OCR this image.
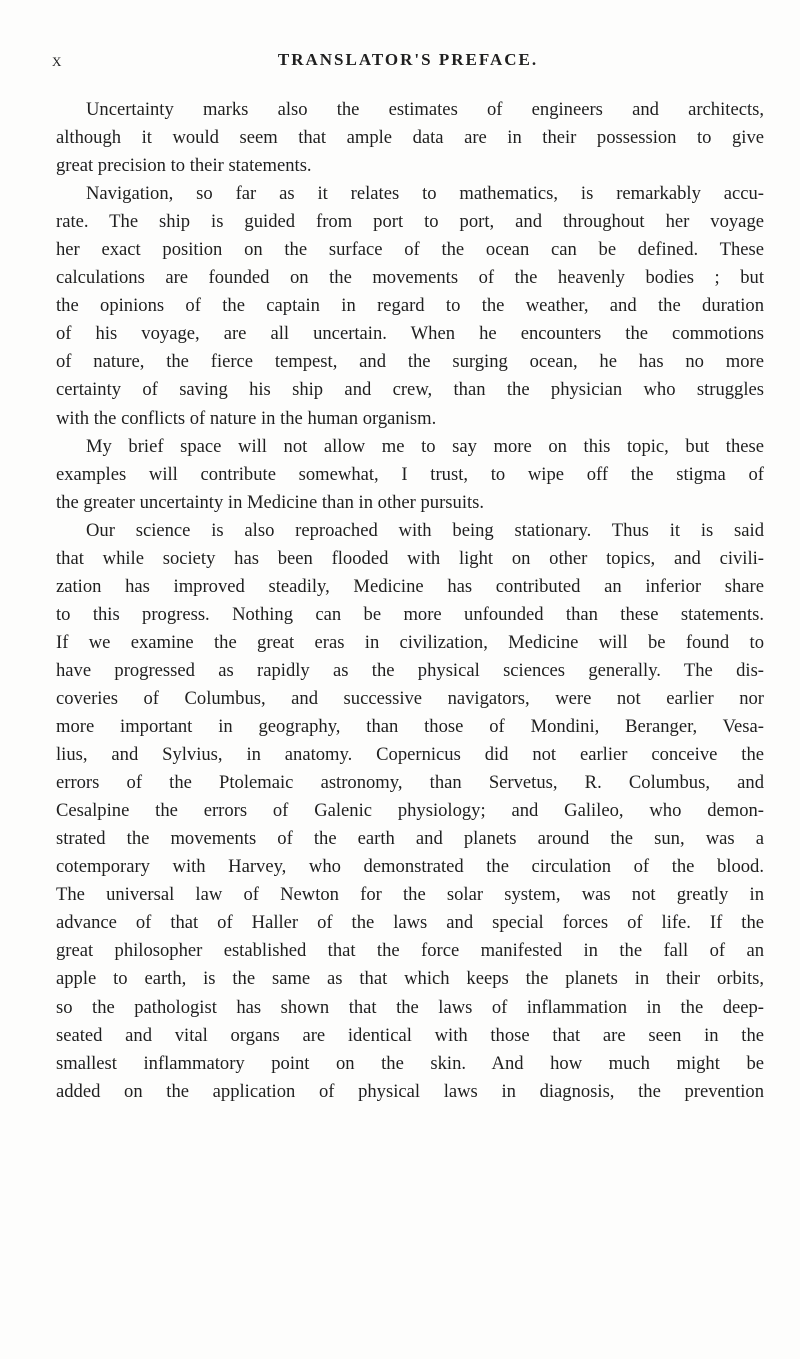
x	TRANSLATOR'S PREFACE.
Uncertainty marks also the estimates of engineers and architects,
although it would seem that ample data are in their possession to give
great precision to their statements.
Navigation, so far as it relates to mathematics, is remarkably accu-
rate. The ship is guided from port to port, and throughout her voyage
her exact position on the surface of the ocean can be defined. These
calculations are founded on the movements of the heavenly bodies ; but
the opinions of the captain in regard to the weather, and the duration
of his voyage, are all uncertain. When he encounters the commotions
of nature, the fierce tempest, and the surging ocean, he has no more
certainty of saving his ship and crew, than the physician who struggles
with the conflicts of nature in the human organism.
My brief space will not allow me to say more on this topic, but these
examples will contribute somewhat, I trust, to wipe off the stigma of
the greater uncertainty in Medicine than in other pursuits.
Our science is also reproached with being stationary. Thus it is said
that while society has been flooded with light on other topics, and civili-
zation has improved steadily, Medicine has contributed an inferior share
to this progress. Nothing can be more unfounded than these statements.
If we examine the great eras in civilization, Medicine will be found to
have progressed as rapidly as the physical sciences generally. The dis-
coveries of Columbus, and successive navigators, were not earlier nor
more important in geography, than those of Mondini, Beranger, Vesa-
lius, and Sylvius, in anatomy. Copernicus did not earlier conceive the
errors of the Ptolemaic astronomy, than Servetus, R. Columbus, and
Cesalpine the errors of Galenic physiology; and Galileo, who demon-
strated the movements of the earth and planets around the sun, was a
cotemporary with Harvey, who demonstrated the circulation of the blood.
The universal law of Newton for the solar system, was not greatly in
advance of that of Haller of the laws and special forces of life. If the
great philosopher established that the force manifested in the fall of an
apple to earth, is the same as that which keeps the planets in their orbits,
so the pathologist has shown that the laws of inflammation in the deep-
seated and vital organs are identical with those that are seen in the
smallest inflammatory point on the skin. And how much might be
added on the application of physical laws in diagnosis, the prevention
